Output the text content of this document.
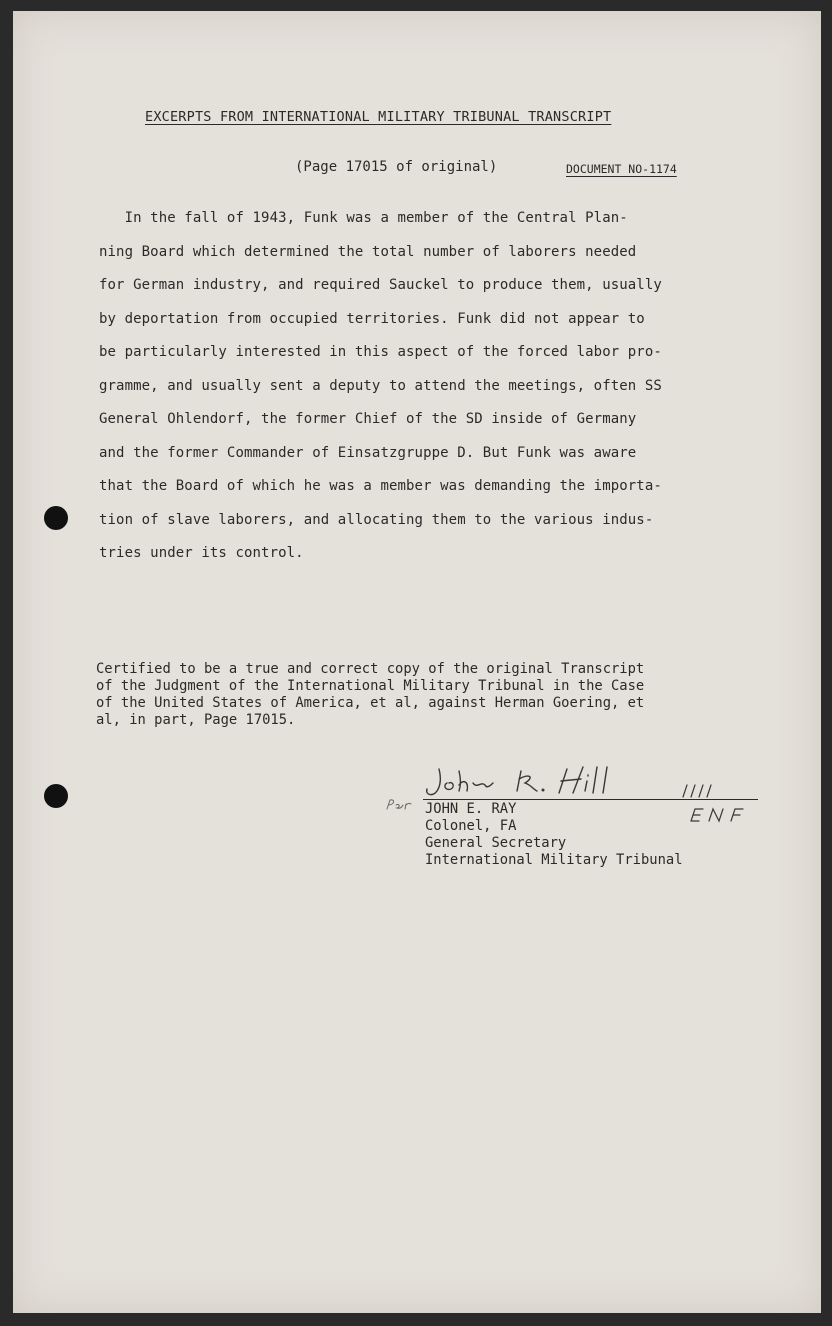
EXCERPTS FROM INTERNATIONAL MILITARY TRIBUNAL TRANSCRIPT
(Page 17015 of original)	DOCUMENT NO-1174
In the fall of 1943, Funk was a member of the Central Plan-
ning Board which determined the total number of laborers needed
for German industry, and required Sauckel to produce them, usually
by deportation from occupied territories. Funk did not appear to
be particularly interested in this aspect of the forced labor pro-
gramme, and usually sent a deputy to attend the meetings, often SS
General Ohlendorf, the former Chief of the SD inside of Germany
and the former Commander of Einsatzgruppe D. But Funk was aware
that the Board of which he was a member was demanding the importa-
tion of slave laborers, and allocating them to the various indus-
tries under its control.
Certified to be a true and correct copy of the original Transcript
of the Judgment of the International Military Tribunal in the Case
of the United States of America, et al, against Herman Goering, et
al, in part, Page 17015.
JOHN E. RAY
Colonel, FA
General Secretary
International Military Tribunal
